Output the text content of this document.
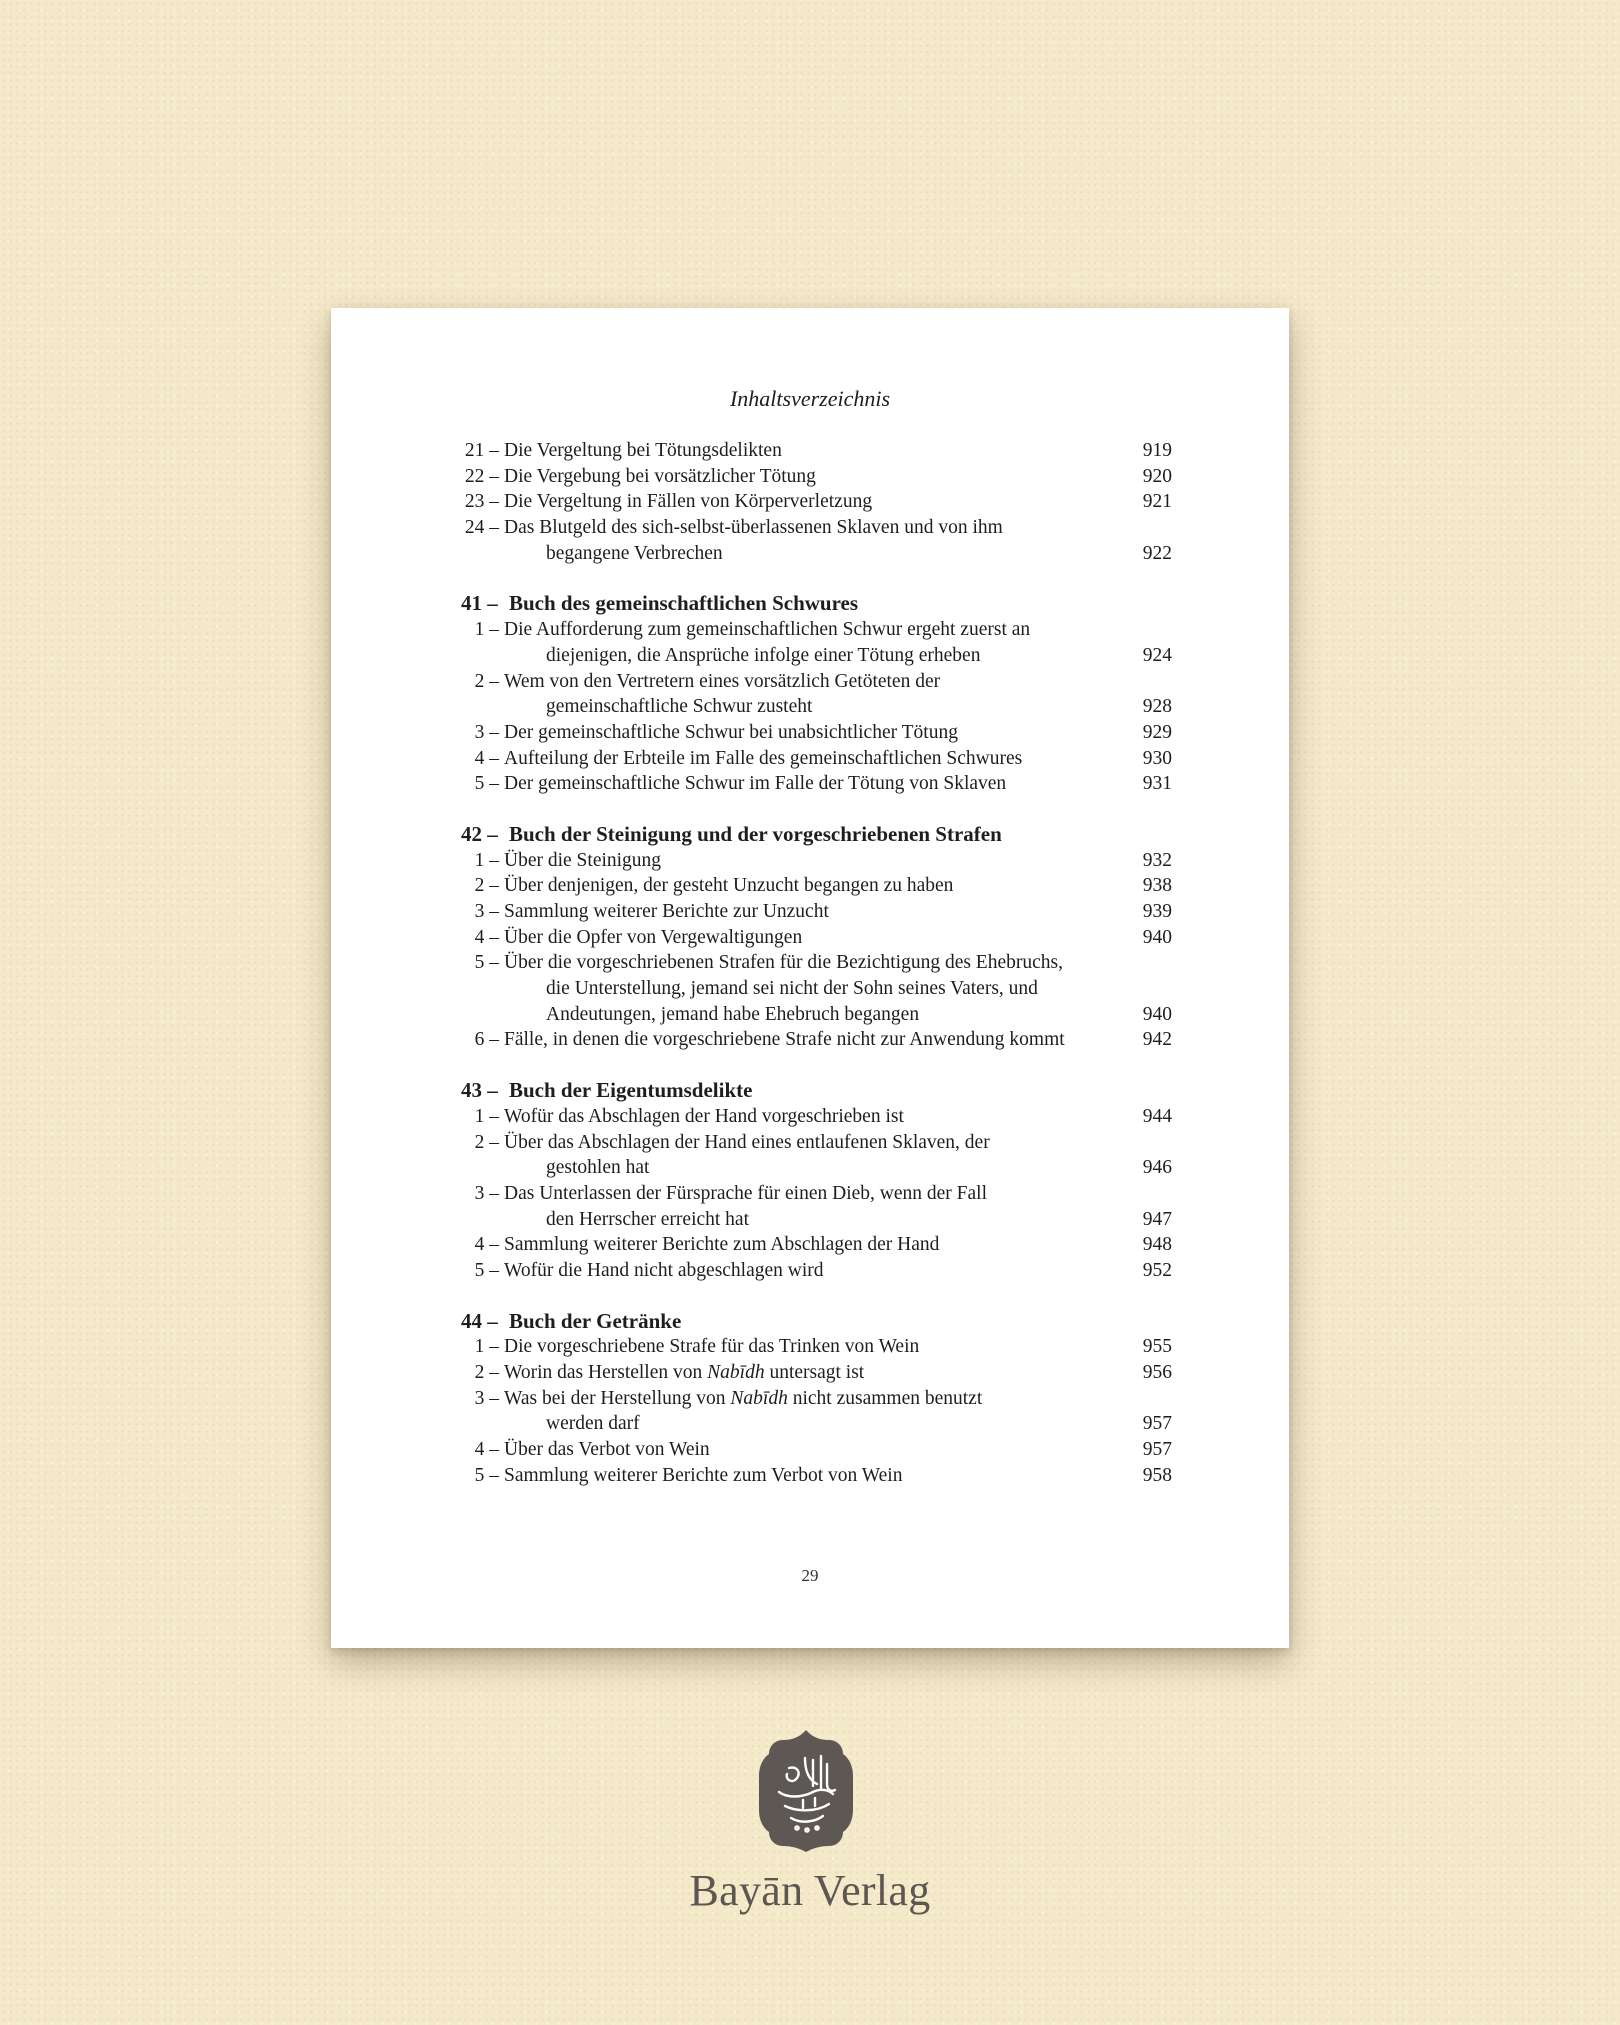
Inhaltsverzeichnis
21 – Die Vergeltung bei Tötungsdelikten	919
22 – Die Vergebung bei vorsätzlicher Tötung	920
23 – Die Vergeltung in Fällen von Körperverletzung	921
24 – Das Blutgeld des sich-selbst-überlassenen Sklaven und von ihm
begangene Verbrechen	922
41 – Buch des gemeinschaftlichen Schwures
1 – Die Aufforderung zum gemeinschaftlichen Schwur ergeht zuerst an
diejenigen, die Ansprüche infolge einer Tötung erheben	924
2 – Wem von den Vertretern eines vorsätzlich Getöteten der
gemeinschaftliche Schwur zusteht	928
3 – Der gemeinschaftliche Schwur bei unabsichtlicher Tötung	929
4 – Aufteilung der Erbteile im Falle des gemeinschaftlichen Schwures	930
5 – Der gemeinschaftliche Schwur im Falle der Tötung von Sklaven	931
42 – Buch der Steinigung und der vorgeschriebenen Strafen
1 – Über die Steinigung	932
2 – Über denjenigen, der gesteht Unzucht begangen zu haben	938
3 – Sammlung weiterer Berichte zur Unzucht	939
4 – Über die Opfer von Vergewaltigungen	940
5 – Über die vorgeschriebenen Strafen für die Bezichtigung des Ehebruchs,
die Unterstellung, jemand sei nicht der Sohn seines Vaters, und
Andeutungen, jemand habe Ehebruch begangen	940
6 – Fälle, in denen die vorgeschriebene Strafe nicht zur Anwendung kommt	942
43 – Buch der Eigentumsdelikte
1 – Wofür das Abschlagen der Hand vorgeschrieben ist	944
2 – Über das Abschlagen der Hand eines entlaufenen Sklaven, der
gestohlen hat	946
3 – Das Unterlassen der Fürsprache für einen Dieb, wenn der Fall
den Herrscher erreicht hat	947
4 – Sammlung weiterer Berichte zum Abschlagen der Hand	948
5 – Wofür die Hand nicht abgeschlagen wird	952
44 – Buch der Getränke
1 – Die vorgeschriebene Strafe für das Trinken von Wein	955
2 – Worin das Herstellen von Nabīdh untersagt ist	956
3 – Was bei der Herstellung von Nabīdh nicht zusammen benutzt
werden darf	957
4 – Über das Verbot von Wein	957
5 – Sammlung weiterer Berichte zum Verbot von Wein	958
29
Bayān Verlag
